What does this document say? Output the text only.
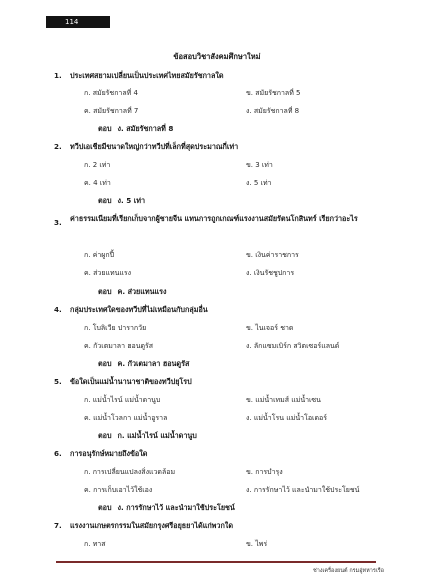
114
ข้อสอบวิชาสังคมศึกษาใหม่
1. ประเทศสยามเปลี่ยนเป็นประเทศไทยสมัยรัชกาลใด
ก. สมัยรัชกาลที่ 4	ข. สมัยรัชกาลที่ 5
ค. สมัยรัชกาลที่ 7	ง. สมัยรัชกาลที่ 8
ตอบ ง. สมัยรัชกาลที่ 8
2. ทวีปเอเชียมีขนาดใหญ่กว่าทวีปที่เล็กที่สุดประมาณกี่เท่า
ก. 2 เท่า	ข. 3 เท่า
ค. 4 เท่า	ง. 5 เท่า
ตอบ ง. 5 เท่า
3. ค่าธรรมเนียมที่เรียกเก็บจากผู้ชายจีน แทนการถูกเกณฑ์แรงงานสมัยรัตนโกสินทร์ เรียกว่าอะไร
ก. ค่าผูกปี้	ข. เงินค่าราชการ
ค. ส่วยแทนแรง	ง. เงินรัชชูปการ
ตอบ ค. ส่วยแทนแรง
4. กลุ่มประเทศใดของทวีปที่ไม่เหมือนกับกลุ่มอื่น
ก. โบลิเวีย ปารากวัย	ข. ไนเจอร์ ชาด
ค. กัวเตมาลา ฮอนดูรัส	ง. ลักแซมเบิร์ก สวิตเซอร์แลนด์
ตอบ ค. กัวเตมาลา ฮอนดูรัส
5. ข้อใดเป็นแม่น้ำนานาชาติของทวีปยุโรป
ก. แม่น้ำไรน์ แม่น้ำดานูบ	ข. แม่น้ำเทมส์ แม่น้ำเซน
ค. แม่น้ำโวลกา แม่น้ำอูราล	ง. แม่น้ำโรน แม่น้ำโอเดอร์
ตอบ ก. แม่น้ำไรน์ แม่น้ำดานูบ
6. การอนุรักษ์หมายถึงข้อใด
ก. การเปลี่ยนแปลงสิ่งแวดล้อม	ข. การบำรุง
ค. การเก็บเอาไว้ใช้เอง	ง. การรักษาไว้ และนำมาใช้ประโยชน์
ตอบ ง. การรักษาไว้ และนำมาใช้ประโยชน์
7. แรงงานเกษตรกรรมในสมัยกรุงศรีอยุธยาได้แก่พวกใด
ก. ทาส	ข. ไพร่
ช่างเครื่องยนต์ กรมอู่ทหารเรือ
